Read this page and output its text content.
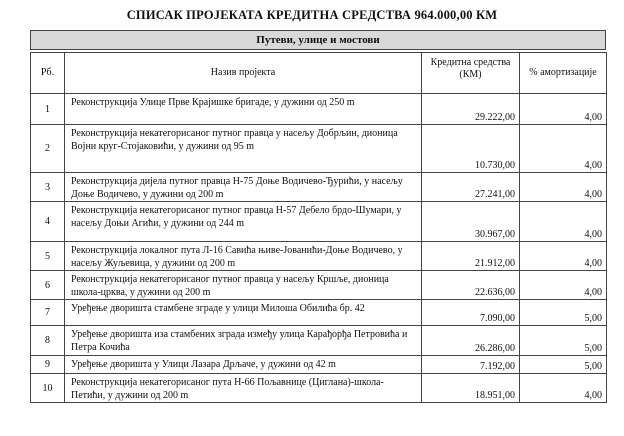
СПИСАК ПРОЈЕКАТА КРЕДИТНА СРЕДСТВА 964.000,00 КМ
Путеви, улице и мостови
Рб.	Назив пројекта	Кредитна средства (КМ)	% амортизације
1	Реконструкција Улице Прве Крајишке бригаде, у дужини од 250 m	29.222,00	4,00
2	Реконструкција некатегорисаног путног правца у насељу Добрљин, дионица Војни круг-Стојаковићи, у дужини од 95 m	10.730,00	4,00
3	Реконструкција дијела путног правца Н-75 Доње Водичево-Ђурићи, у насељу Доње Водичево, у дужини од 200 m	27.241,00	4,00
4	Реконструкција некатегорисаног путног правца Н-57 Дебело брдо-Шумари, у насељу Доњи Агићи, у дужини од 244 m	30.967,00	4,00
5	Реконструкција локалног пута Л-16 Савића њиве-Јованићи-Доње Водичево, у насељу Жуљевица, у дужини од 200 m	21.912,00	4,00
6	Реконструкција некатегорисаног путног правца у насељу Кршље, дионица школа-црква, у дужини од 200 m	22.636,00	4,00
7	Уређење дворишта стамбене зграде у улици Милоша Обилића бр. 42	7.090,00	5,00
8	Уређење дворишта иза стамбених зграда између улица Карађорђа Петровића и Петра Кочића	26.286,00	5,00
9	Уређење дворишта у Улици Лазара Дрљаче, у дужини од 42 m	7.192,00	5,00
10	Реконструкција некатегорисаног пута Н-66 Пољавнице (Циглана)-школа-Петићи, у дужини од 200 m	18.951,00	4,00
